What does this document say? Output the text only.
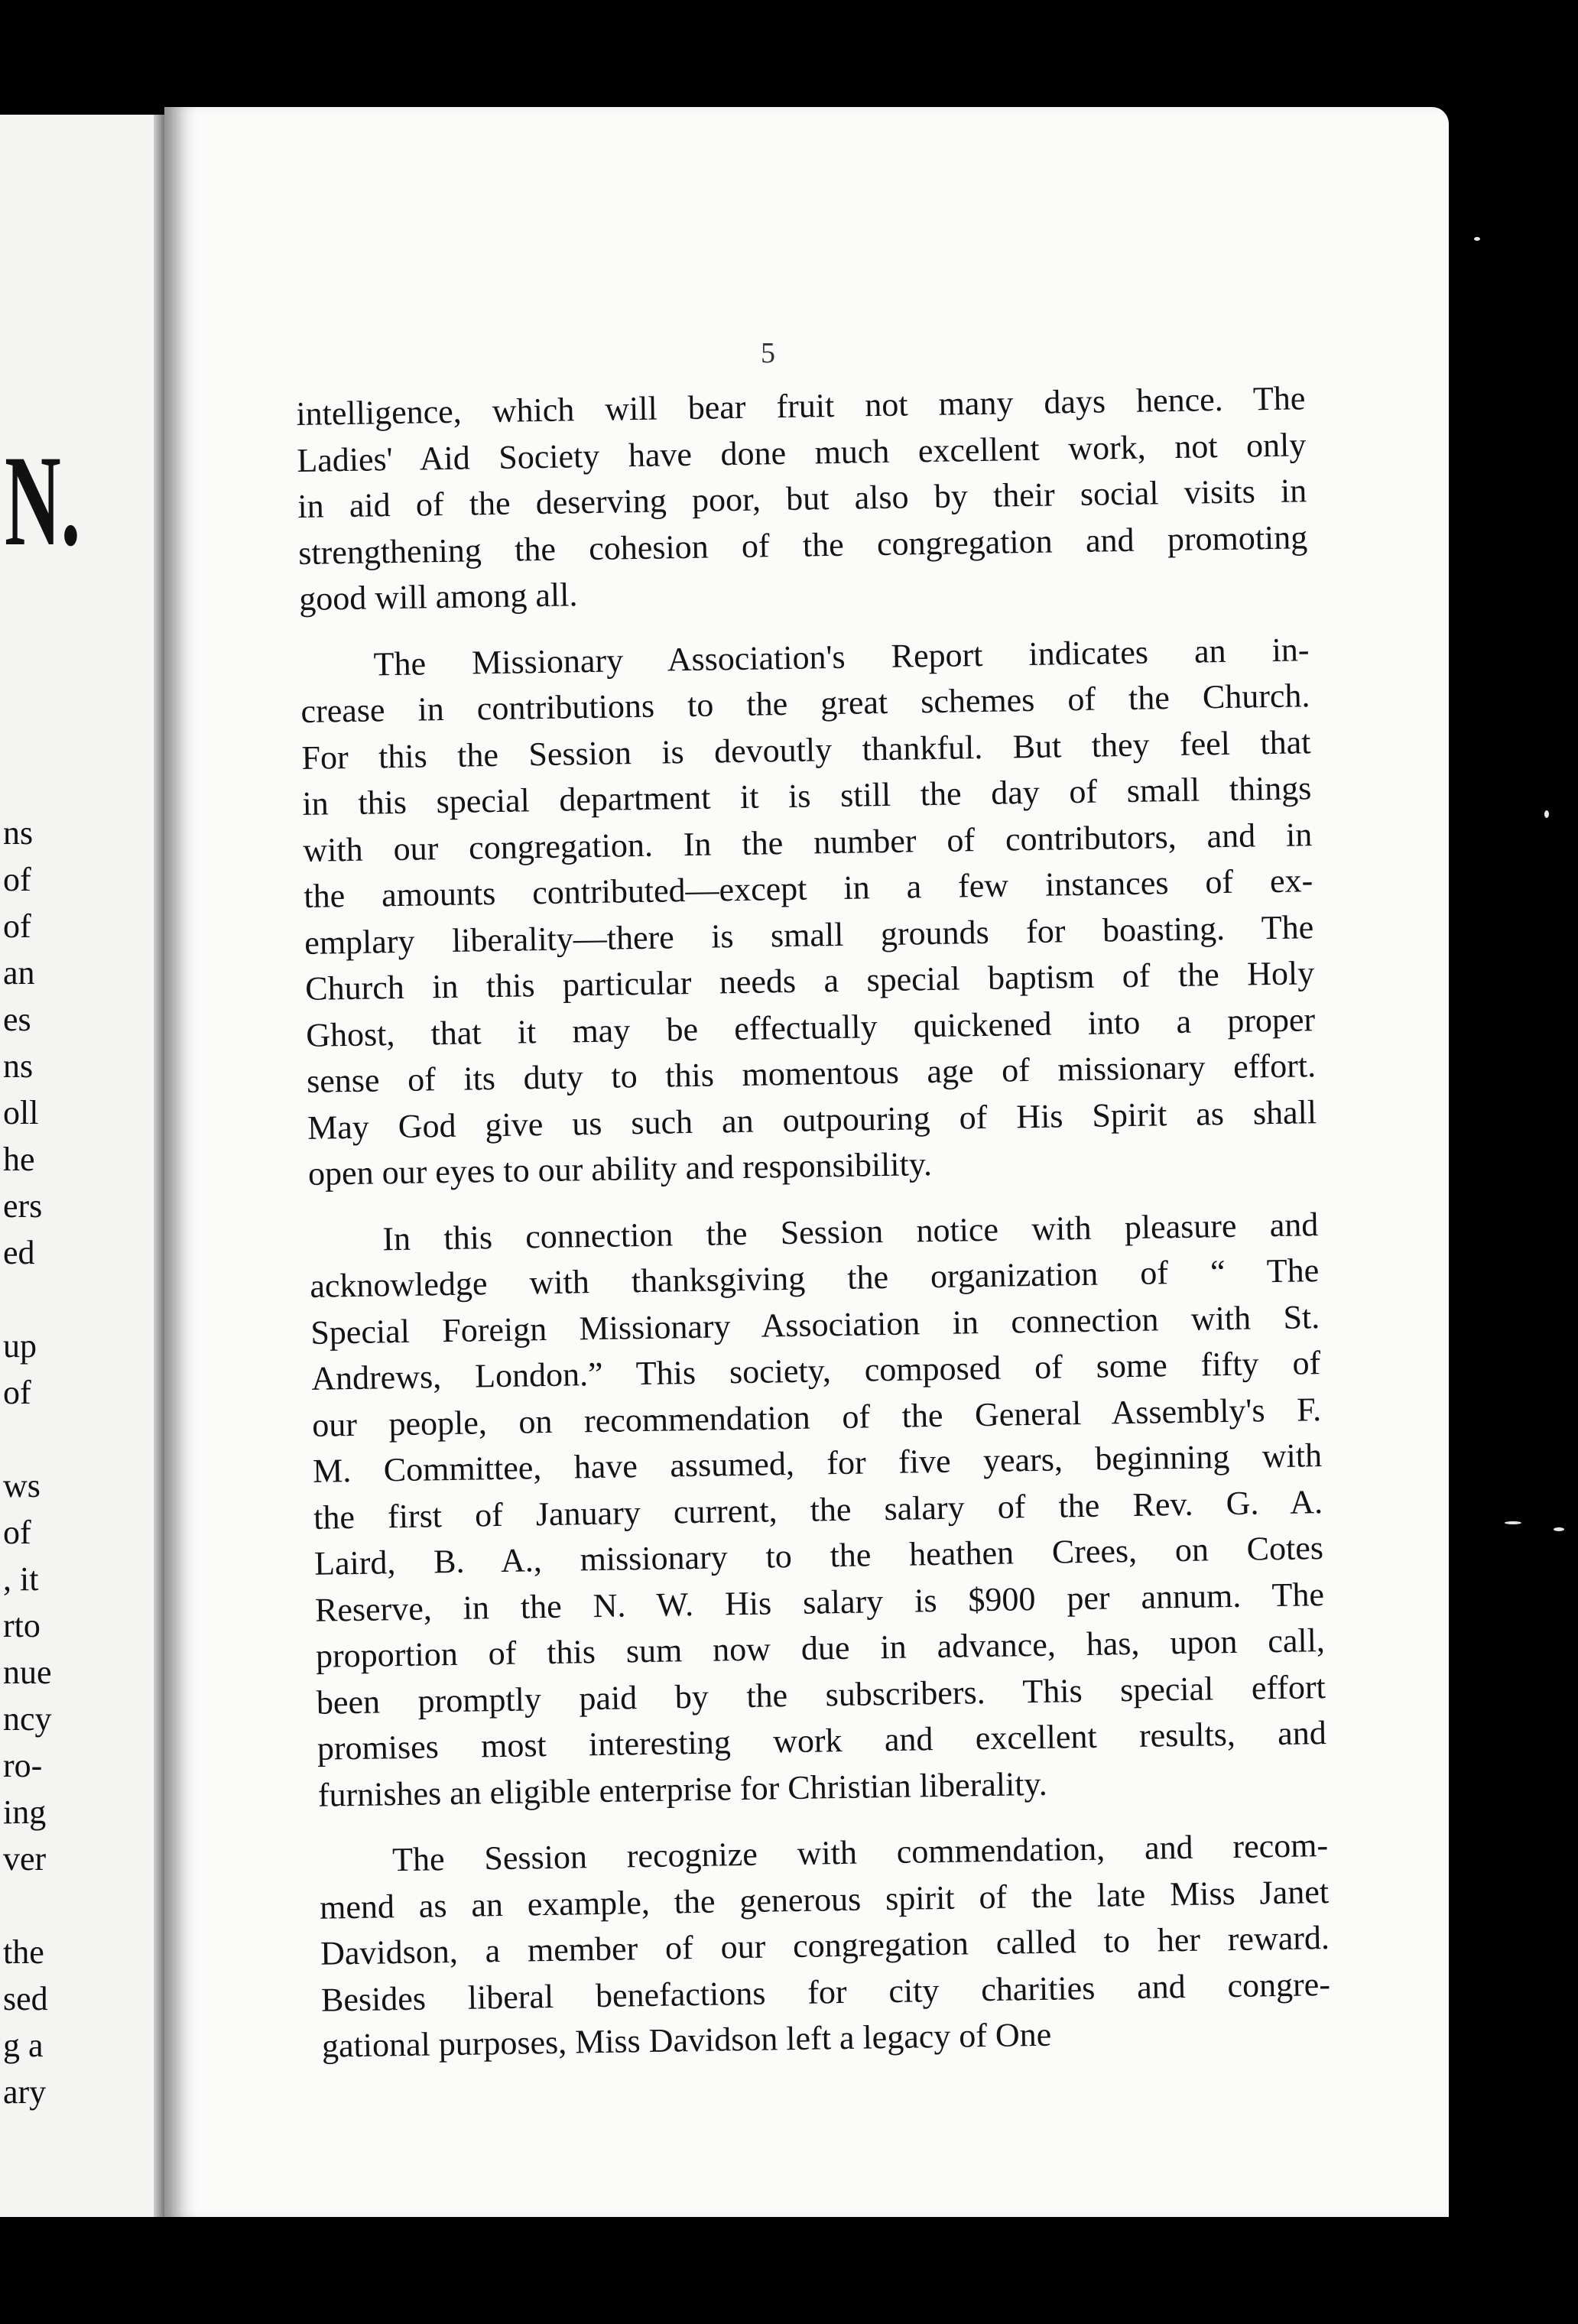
N.
ns
of
of
an
es
ns
oll
he
ers
ed
up
of
ws
of
, it
rto
nue
ncy
ro-
ing
ver
the
sed
g a
ary
5
intelligence, which will bear fruit not many days hence. The
Ladies' Aid Society have done much excellent work, not only
in aid of the deserving poor, but also by their social visits in
strengthening the cohesion of the congregation and promoting
good will among all.
The Missionary Association's Report indicates an in-
crease in contributions to the great schemes of the Church.
For this the Session is devoutly thankful. But they feel that
in this special department it is still the day of small things
with our congregation. In the number of contributors, and in
the amounts contributed—except in a few instances of ex-
emplary liberality—there is small grounds for boasting. The
Church in this particular needs a special baptism of the Holy
Ghost, that it may be effectually quickened into a proper
sense of its duty to this momentous age of missionary effort.
May God give us such an outpouring of His Spirit as shall
open our eyes to our ability and responsibility.
In this connection the Session notice with pleasure and
acknowledge with thanksgiving the organization of “ The
Special Foreign Missionary Association in connection with St.
Andrews, London.” This society, composed of some fifty of
our people, on recommendation of the General Assembly's F.
M. Committee, have assumed, for five years, beginning with
the first of January current, the salary of the Rev. G. A.
Laird, B. A., missionary to the heathen Crees, on Cotes
Reserve, in the N. W. His salary is $900 per annum. The
proportion of this sum now due in advance, has, upon call,
been promptly paid by the subscribers. This special effort
promises most interesting work and excellent results, and
furnishes an eligible enterprise for Christian liberality.
The Session recognize with commendation, and recom-
mend as an example, the generous spirit of the late Miss Janet
Davidson, a member of our congregation called to her reward.
Besides liberal benefactions for city charities and congre-
gational purposes, Miss Davidson left a legacy of One
